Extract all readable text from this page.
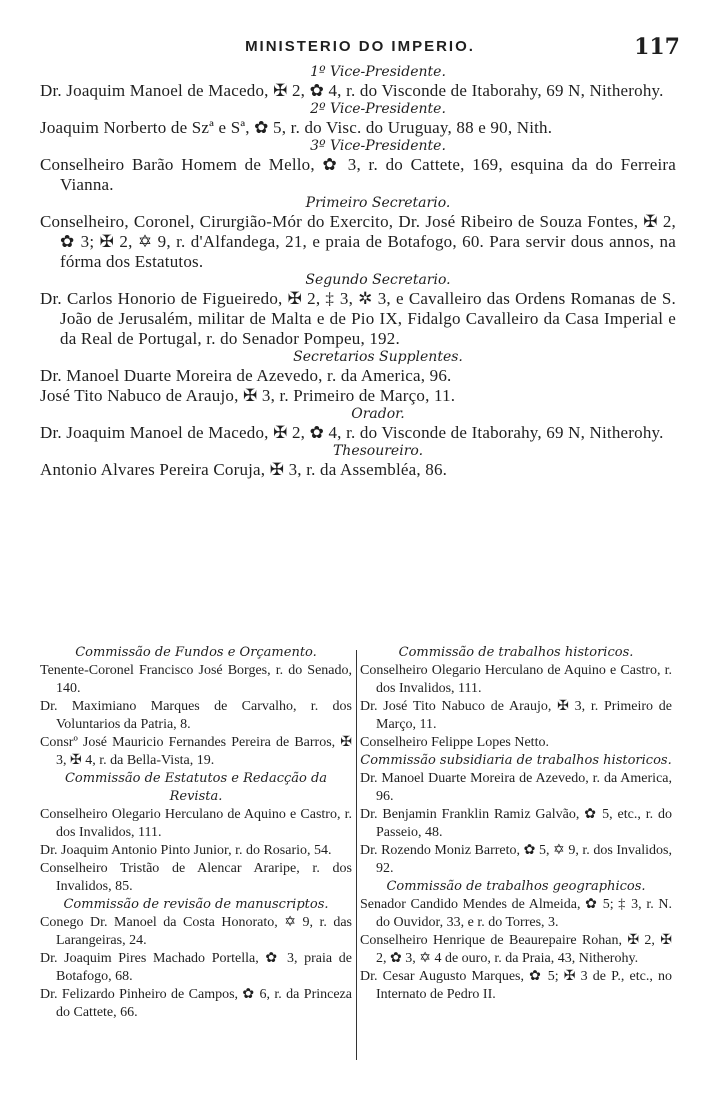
MINISTERIO DO IMPERIO.	117
1º Vice-Presidente.
Dr. Joaquim Manoel de Macedo, ✠ 2, ✿ 4, r. do Visconde de Itaborahy, 69 N, Nitherohy.
2º Vice-Presidente.
Joaquim Norberto de Szª e Sª, ✿ 5, r. do Visc. do Uruguay, 88 e 90, Nith.
3º Vice-Presidente.
Conselheiro Barão Homem de Mello, ✿ 3, r. do Cattete, 169, esquina da do Ferreira Vianna.
Primeiro Secretario.
Conselheiro, Coronel, Cirurgião-Mór do Exercito, Dr. José Ribeiro de Souza Fontes, ✠ 2, ✿ 3; ✠ 2, ✡ 9, r. d'Alfandega, 21, e praia de Botafogo, 60. Para servir dous annos, na fórma dos Estatutos.
Segundo Secretario.
Dr. Carlos Honorio de Figueiredo, ✠ 2, ‡ 3, ✲ 3, e Cavalleiro das Ordens Romanas de S. João de Jerusalém, militar de Malta e de Pio IX, Fidalgo Cavalleiro da Casa Imperial e da Real de Portugal, r. do Senador Pompeu, 192.
Secretarios Supplentes.
Dr. Manoel Duarte Moreira de Azevedo, r. da America, 96.
José Tito Nabuco de Araujo, ✠ 3, r. Primeiro de Março, 11.
Orador.
Dr. Joaquim Manoel de Macedo, ✠ 2, ✿ 4, r. do Visconde de Itaborahy, 69 N, Nitherohy.
Thesoureiro.
Antonio Alvares Pereira Coruja, ✠ 3, r. da Assembléa, 86.
Commissão de Fundos e Orçamento.
Tenente-Coronel Francisco José Borges, r. do Senado, 140.
Dr. Maximiano Marques de Carvalho, r. dos Voluntarios da Patria, 8.
Consrº José Mauricio Fernandes Pereira de Barros, ✠ 3, ✠ 4, r. da Bella-Vista, 19.
Commissão de Estatutos e Redacção da Revista.
Conselheiro Olegario Herculano de Aquino e Castro, r. dos Invalidos, 111.
Dr. Joaquim Antonio Pinto Junior, r. do Rosario, 54.
Conselheiro Tristão de Alencar Araripe, r. dos Invalidos, 85.
Commissão de revisão de manuscriptos.
Conego Dr. Manoel da Costa Honorato, ✡ 9, r. das Larangeiras, 24.
Dr. Joaquim Pires Machado Portella, ✿ 3, praia de Botafogo, 68.
Dr. Felizardo Pinheiro de Campos, ✿ 6, r. da Princeza do Cattete, 66.
Commissão de trabalhos historicos.
Conselheiro Olegario Herculano de Aquino e Castro, r. dos Invalidos, 111.
Dr. José Tito Nabuco de Araujo, ✠ 3, r. Primeiro de Março, 11.
Conselheiro Felippe Lopes Netto.
Commissão subsidiaria de trabalhos historicos.
Dr. Manoel Duarte Moreira de Azevedo, r. da America, 96.
Dr. Benjamin Franklin Ramiz Galvão, ✿ 5, etc., r. do Passeio, 48.
Dr. Rozendo Moniz Barreto, ✿ 5, ✡ 9, r. dos Invalidos, 92.
Commissão de trabalhos geographicos.
Senador Candido Mendes de Almeida, ✿ 5; ‡ 3, r. N. do Ouvidor, 33, e r. do Torres, 3.
Conselheiro Henrique de Beaurepaire Rohan, ✠ 2, ✠ 2, ✿ 3, ✡ 4 de ouro, r. da Praia, 43, Nitherohy.
Dr. Cesar Augusto Marques, ✿ 5; ✠ 3 de P., etc., no Internato de Pedro II.
